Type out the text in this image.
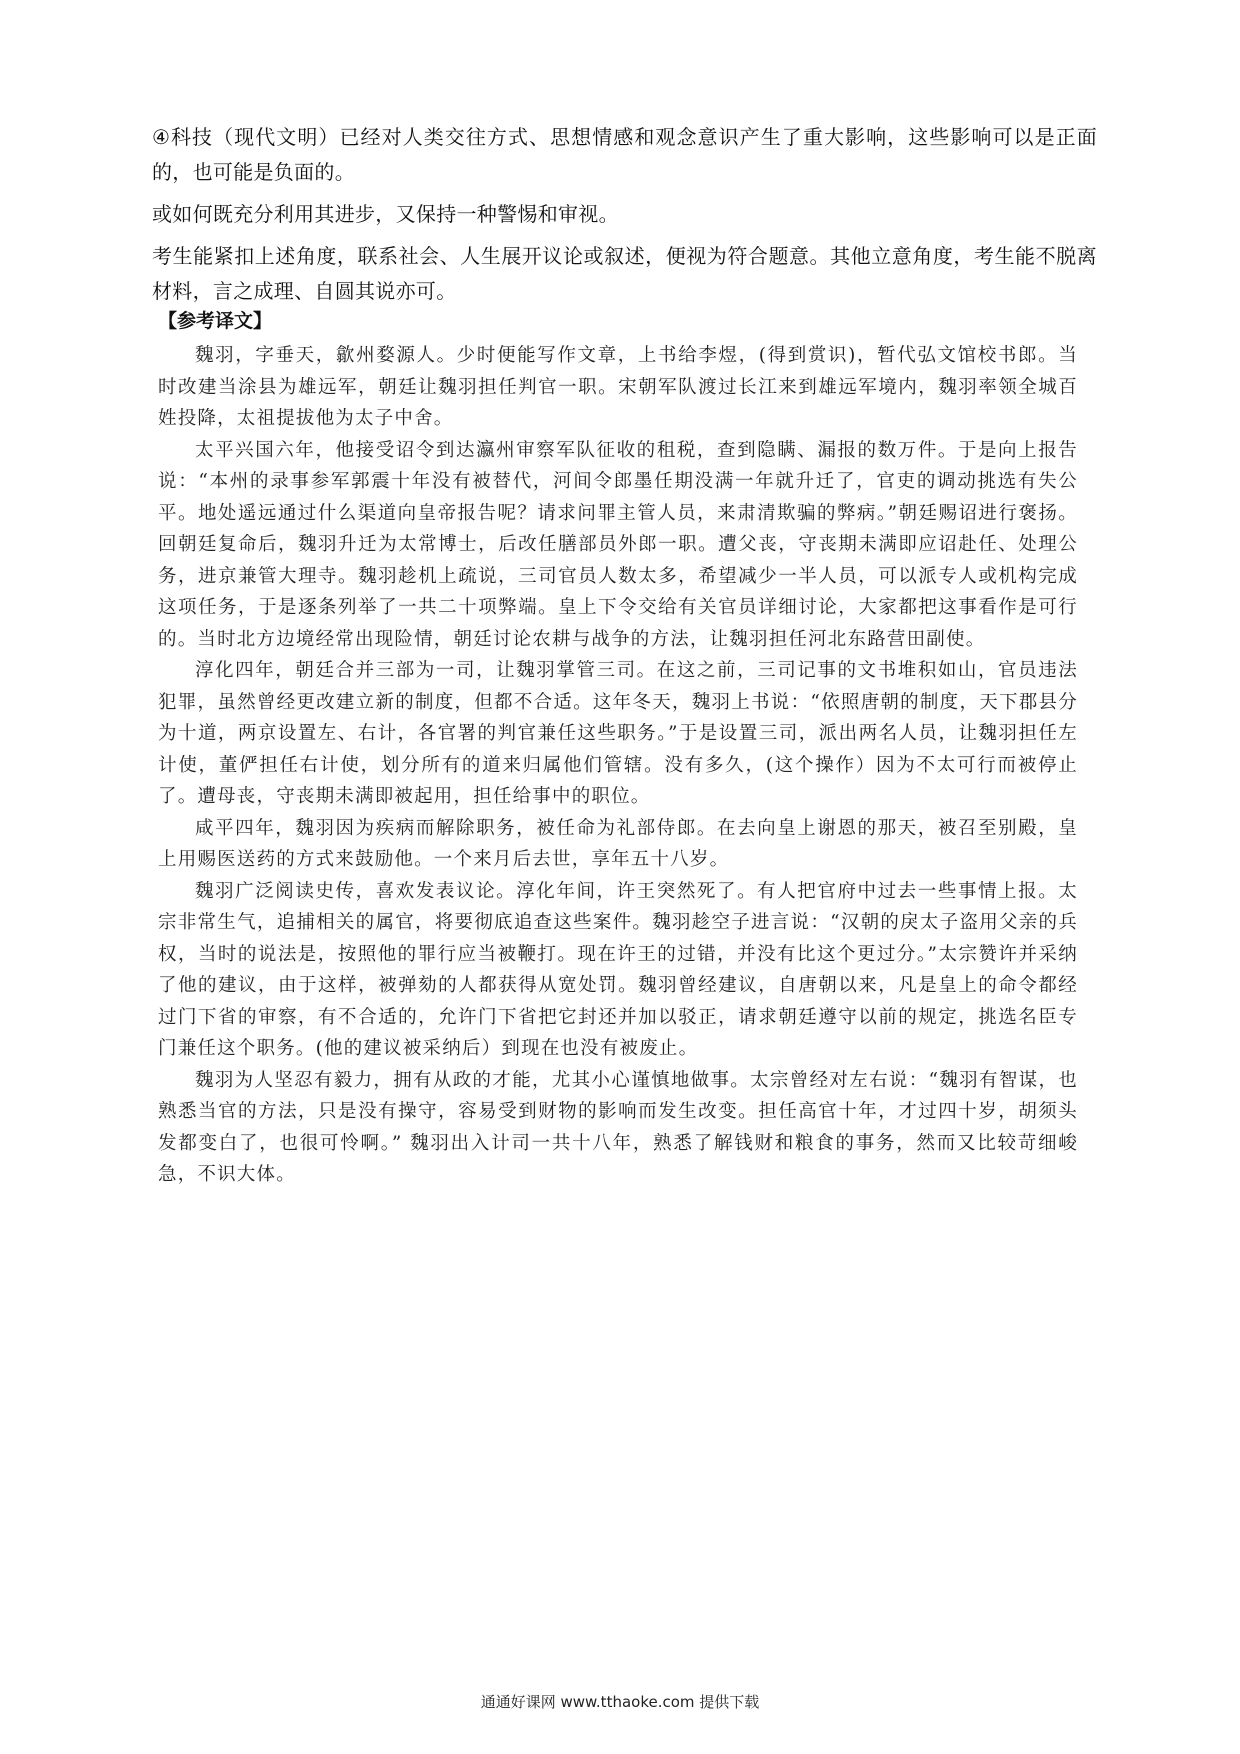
④科技（现代文明）已经对人类交往方式、思想情感和观念意识产生了重大影响，这些影响可以是正面的，也可能是负面的。

或如何既充分利用其进步，又保持一种警惕和审视。

考生能紧扣上述角度，联系社会、人生展开议论或叙述，便视为符合题意。其他立意角度，考生能不脱离材料，言之成理、自圆其说亦可。

【参考译文】

魏羽，字垂天，歙州婺源人。少时便能写作文章，上书给李煜，(得到赏识)，暂代弘文馆校书郎。当时改建当涂县为雄远军，朝廷让魏羽担任判官一职。宋朝军队渡过长江来到雄远军境内，魏羽率领全城百姓投降，太祖提拔他为太子中舍。

太平兴国六年，他接受诏令到达瀛州审察军队征收的租税，查到隐瞒、漏报的数万件。于是向上报告说：“本州的录事参军郭震十年没有被替代，河间令郎墨任期没满一年就升迁了，官吏的调动挑选有失公平。地处遥远通过什么渠道向皇帝报告呢？请求问罪主管人员，来肃清欺骗的弊病。”朝廷赐诏进行褒扬。回朝廷复命后，魏羽升迁为太常博士，后改任膳部员外郎一职。遭父丧，守丧期未满即应诏赴任、处理公务，进京兼管大理寺。魏羽趁机上疏说，三司官员人数太多，希望减少一半人员，可以派专人或机构完成这项任务，于是逐条列举了一共二十项弊端。皇上下令交给有关官员详细讨论，大家都把这事看作是可行的。当时北方边境经常出现险情，朝廷讨论农耕与战争的方法，让魏羽担任河北东路营田副使。

淳化四年，朝廷合并三部为一司，让魏羽掌管三司。在这之前，三司记事的文书堆积如山，官员违法犯罪，虽然曾经更改建立新的制度，但都不合适。这年冬天，魏羽上书说：“依照唐朝的制度，天下郡县分为十道，两京设置左、右计，各官署的判官兼任这些职务。”于是设置三司，派出两名人员，让魏羽担任左计使，董俨担任右计使，划分所有的道来归属他们管辖。没有多久，(这个操作）因为不太可行而被停止了。遭母丧，守丧期未满即被起用，担任给事中的职位。

咸平四年，魏羽因为疾病而解除职务，被任命为礼部侍郎。在去向皇上谢恩的那天，被召至别殿，皇上用赐医送药的方式来鼓励他。一个来月后去世，享年五十八岁。

魏羽广泛阅读史传，喜欢发表议论。淳化年间，许王突然死了。有人把官府中过去一些事情上报。太宗非常生气，追捕相关的属官，将要彻底追查这些案件。魏羽趁空子进言说：“汉朝的戾太子盗用父亲的兵权，当时的说法是，按照他的罪行应当被鞭打。现在许王的过错，并没有比这个更过分。”太宗赞许并采纳了他的建议，由于这样，被弹劾的人都获得从宽处罚。魏羽曾经建议，自唐朝以来，凡是皇上的命令都经过门下省的审察，有不合适的，允许门下省把它封还并加以驳正，请求朝廷遵守以前的规定，挑选名臣专门兼任这个职务。(他的建议被采纳后）到现在也没有被废止。

魏羽为人坚忍有毅力，拥有从政的才能，尤其小心谨慎地做事。太宗曾经对左右说：“魏羽有智谋，也熟悉当官的方法，只是没有操守，容易受到财物的影响而发生改变。担任高官十年，才过四十岁，胡须头发都变白了，也很可怜啊。” 魏羽出入计司一共十八年，熟悉了解钱财和粮食的事务，然而又比较苛细峻急，不识大体。

通通好课网 www.tthaoke.com 提供下载
